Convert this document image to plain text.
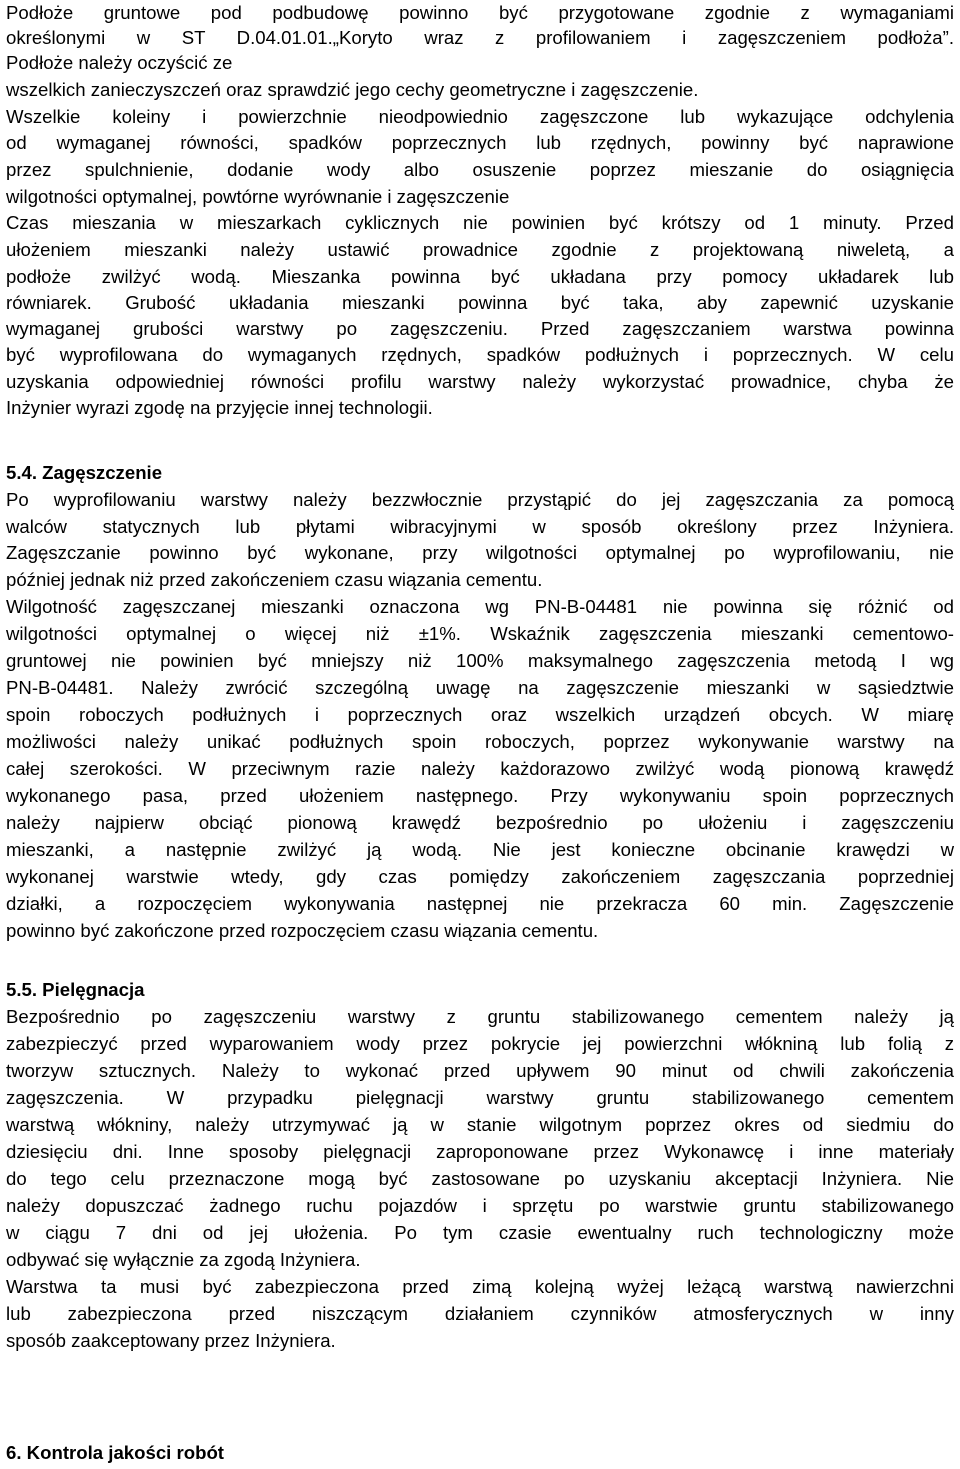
Podłoże gruntowe pod podbudowę powinno być przygotowane zgodnie z wymaganiami
określonymi w ST D.04.01.01.„Koryto wraz z profilowaniem i zagęszczeniem podłoża”.
Podłoże należy oczyścić ze
wszelkich zanieczyszczeń oraz sprawdzić jego cechy geometryczne i zagęszczenie.
Wszelkie koleiny i powierzchnie nieodpowiednio zagęszczone lub wykazujące odchylenia
od wymaganej równości, spadków poprzecznych lub rzędnych, powinny być naprawione
przez spulchnienie, dodanie wody albo osuszenie poprzez mieszanie do osiągnięcia
wilgotności optymalnej, powtórne wyrównanie i zagęszczenie
Czas mieszania w mieszarkach cyklicznych nie powinien być krótszy od 1 minuty. Przed
ułożeniem mieszanki należy ustawić prowadnice zgodnie z projektowaną niweletą, a
podłoże zwilżyć wodą. Mieszanka powinna być układana przy pomocy układarek lub
równiarek. Grubość układania mieszanki powinna być taka, aby zapewnić uzyskanie
wymaganej grubości warstwy po zagęszczeniu. Przed zagęszczaniem warstwa powinna
być wyprofilowana do wymaganych rzędnych, spadków podłużnych i poprzecznych. W celu
uzyskania odpowiedniej równości profilu warstwy należy wykorzystać prowadnice, chyba że
Inżynier wyrazi zgodę na przyjęcie innej technologii.
5.4. Zagęszczenie
Po wyprofilowaniu warstwy należy bezzwłocznie przystąpić do jej zagęszczania za pomocą
walców statycznych lub płytami wibracyjnymi w sposób określony przez Inżyniera.
Zagęszczanie powinno być wykonane, przy wilgotności optymalnej po wyprofilowaniu, nie
później jednak niż przed zakończeniem czasu wiązania cementu.
Wilgotność zagęszczanej mieszanki oznaczona wg PN-B-04481 nie powinna się różnić od
wilgotności optymalnej o więcej niż ±1%. Wskaźnik zagęszczenia mieszanki cementowo-
gruntowej nie powinien być mniejszy niż 100% maksymalnego zagęszczenia metodą I wg
PN-B-04481. Należy zwrócić szczególną uwagę na zagęszczenie mieszanki w sąsiedztwie
spoin roboczych podłużnych i poprzecznych oraz wszelkich urządzeń obcych. W miarę
możliwości należy unikać podłużnych spoin roboczych, poprzez wykonywanie warstwy na
całej szerokości. W przeciwnym razie należy każdorazowo zwilżyć wodą pionową krawędź
wykonanego pasa, przed ułożeniem następnego. Przy wykonywaniu spoin poprzecznych
należy najpierw obciąć pionową krawędź bezpośrednio po ułożeniu i zagęszczeniu
mieszanki, a następnie zwilżyć ją wodą. Nie jest konieczne obcinanie krawędzi w
wykonanej warstwie wtedy, gdy czas pomiędzy zakończeniem zagęszczania poprzedniej
działki, a rozpoczęciem wykonywania następnej nie przekracza 60 min. Zagęszczenie
powinno być zakończone przed rozpoczęciem czasu wiązania cementu.
5.5. Pielęgnacja
Bezpośrednio po zagęszczeniu warstwy z gruntu stabilizowanego cementem należy ją
zabezpieczyć przed wyparowaniem wody przez pokrycie jej powierzchni włókniną lub folią z
tworzyw sztucznych. Należy to wykonać przed upływem 90 minut od chwili zakończenia
zagęszczenia. W przypadku pielęgnacji warstwy gruntu stabilizowanego cementem
warstwą włókniny, należy utrzymywać ją w stanie wilgotnym poprzez okres od siedmiu do
dziesięciu dni. Inne sposoby pielęgnacji zaproponowane przez Wykonawcę i inne materiały
do tego celu przeznaczone mogą być zastosowane po uzyskaniu akceptacji Inżyniera. Nie
należy dopuszczać żadnego ruchu pojazdów i sprzętu po warstwie gruntu stabilizowanego
w ciągu 7 dni od jej ułożenia. Po tym czasie ewentualny ruch technologiczny może
odbywać się wyłącznie za zgodą Inżyniera.
Warstwa ta musi być zabezpieczona przed zimą kolejną wyżej leżącą warstwą nawierzchni
lub zabezpieczona przed niszczącym działaniem czynników atmosferycznych w inny
sposób zaakceptowany przez Inżyniera.
6. Kontrola jakości robót
